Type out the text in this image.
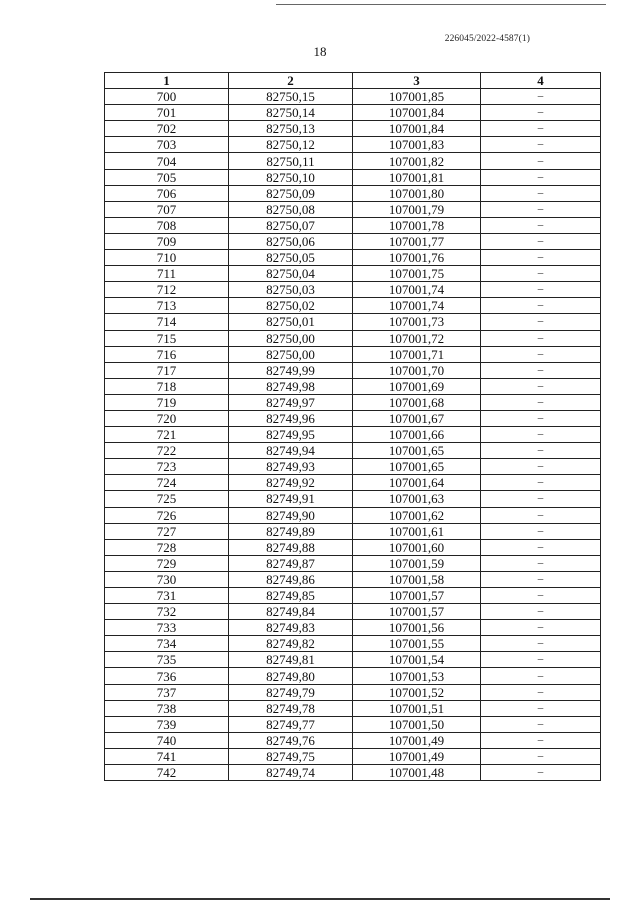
226045/2022-4587(1)
18
1	2	3	4
700	82750,15	107001,85	–
701	82750,14	107001,84	–
702	82750,13	107001,84	–
703	82750,12	107001,83	–
704	82750,11	107001,82	–
705	82750,10	107001,81	–
706	82750,09	107001,80	–
707	82750,08	107001,79	–
708	82750,07	107001,78	–
709	82750,06	107001,77	–
710	82750,05	107001,76	–
711	82750,04	107001,75	–
712	82750,03	107001,74	–
713	82750,02	107001,74	–
714	82750,01	107001,73	–
715	82750,00	107001,72	–
716	82750,00	107001,71	–
717	82749,99	107001,70	–
718	82749,98	107001,69	–
719	82749,97	107001,68	–
720	82749,96	107001,67	–
721	82749,95	107001,66	–
722	82749,94	107001,65	–
723	82749,93	107001,65	–
724	82749,92	107001,64	–
725	82749,91	107001,63	–
726	82749,90	107001,62	–
727	82749,89	107001,61	–
728	82749,88	107001,60	–
729	82749,87	107001,59	–
730	82749,86	107001,58	–
731	82749,85	107001,57	–
732	82749,84	107001,57	–
733	82749,83	107001,56	–
734	82749,82	107001,55	–
735	82749,81	107001,54	–
736	82749,80	107001,53	–
737	82749,79	107001,52	–
738	82749,78	107001,51	–
739	82749,77	107001,50	–
740	82749,76	107001,49	–
741	82749,75	107001,49	–
742	82749,74	107001,48	–
